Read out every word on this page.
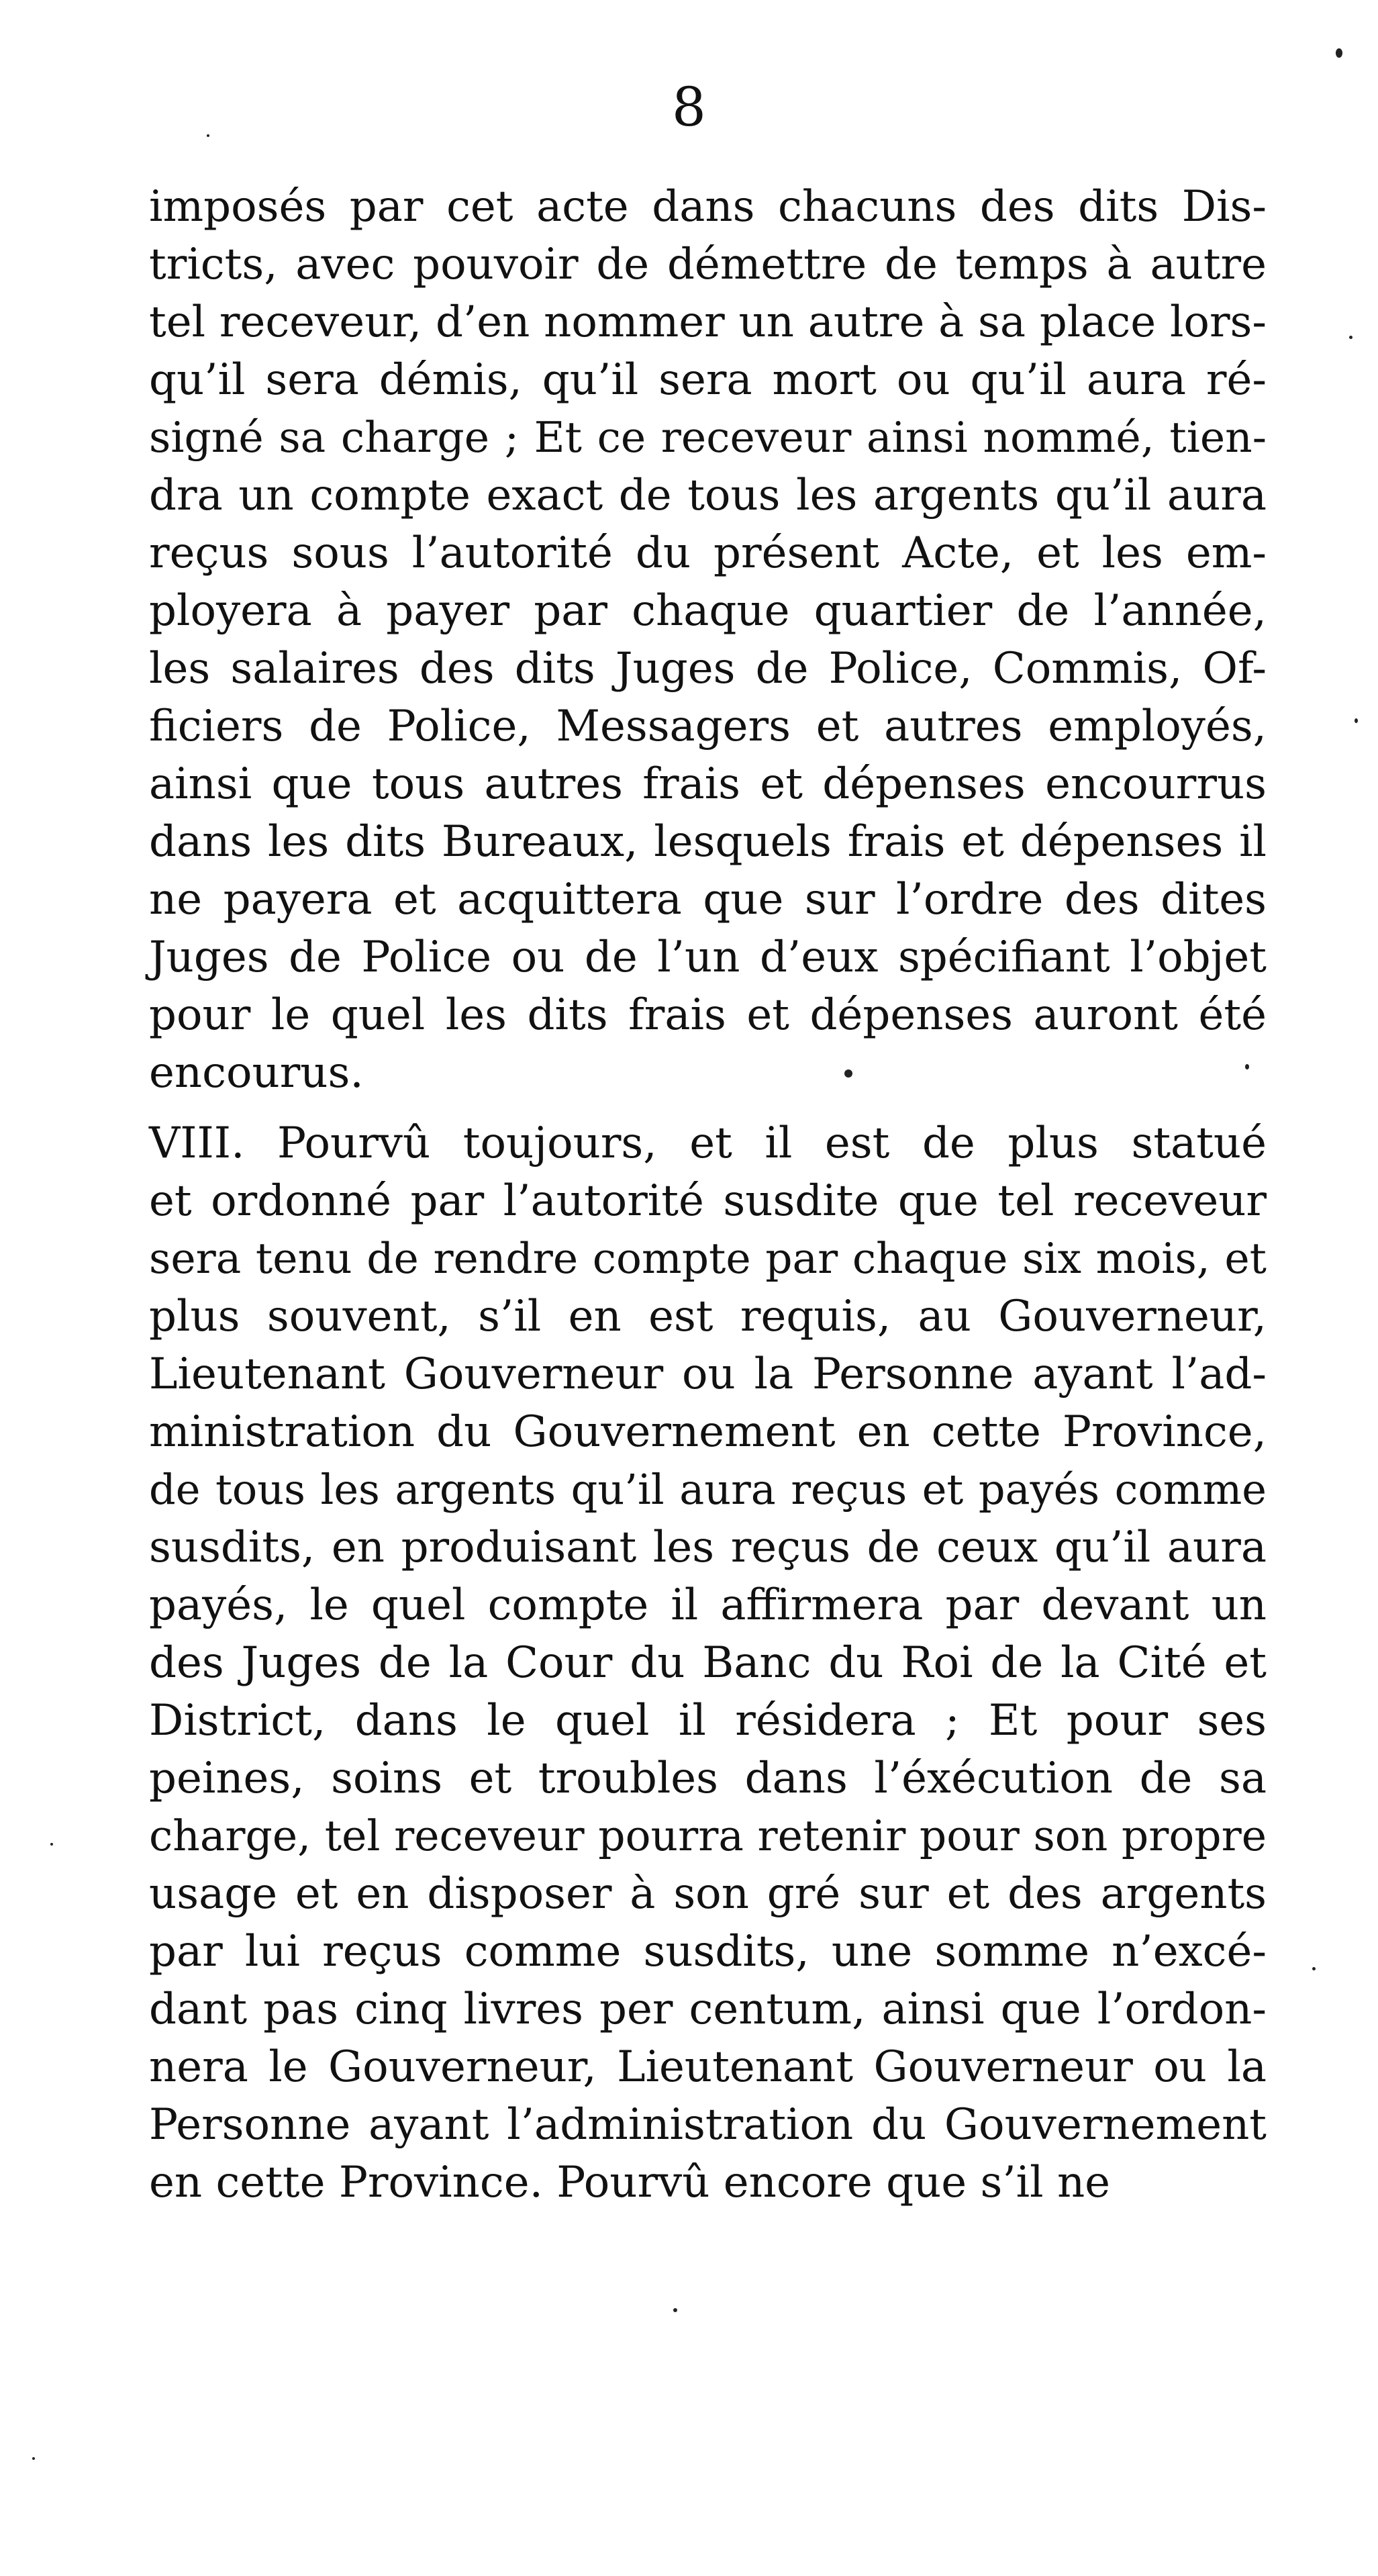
8
imposés par cet acte dans chacuns des dits Dis-
tricts, avec pouvoir de démettre de temps à autre
tel receveur, d’en nommer un autre à sa place lors-
qu’il sera démis, qu’il sera mort ou qu’il aura ré-
signé sa charge ; Et ce receveur ainsi nommé, tien-
dra un compte exact de tous les argents qu’il aura
reçus sous l’autorité du présent Acte, et les em-
ployera à payer par chaque quartier de l’année,
les salaires des dits Juges de Police, Commis, Of-
ficiers de Police, Messagers et autres employés,
ainsi que tous autres frais et dépenses encourrus
dans les dits Bureaux, lesquels frais et dépenses il
ne payera et acquittera que sur l’ordre des dites
Juges de Police ou de l’un d’eux spécifiant l’objet
pour le quel les dits frais et dépenses auront été
encourus.
VIII. Pourvû toujours, et il est de plus statué
et ordonné par l’autorité susdite que tel receveur
sera tenu de rendre compte par chaque six mois, et
plus souvent, s’il en est requis, au Gouverneur,
Lieutenant Gouverneur ou la Personne ayant l’ad-
ministration du Gouvernement en cette Province,
de tous les argents qu’il aura reçus et payés comme
susdits, en produisant les reçus de ceux qu’il aura
payés, le quel compte il affirmera par devant un
des Juges de la Cour du Banc du Roi de la Cité et
District, dans le quel il résidera ; Et pour ses
peines, soins et troubles dans l’éxécution de sa
charge, tel receveur pourra retenir pour son propre
usage et en disposer à son gré sur et des argents
par lui reçus comme susdits, une somme n’excé-
dant pas cinq livres per centum, ainsi que l’ordon-
nera le Gouverneur, Lieutenant Gouverneur ou la
Personne ayant l’administration du Gouvernement
en cette Province. Pourvû encore que s’il ne
